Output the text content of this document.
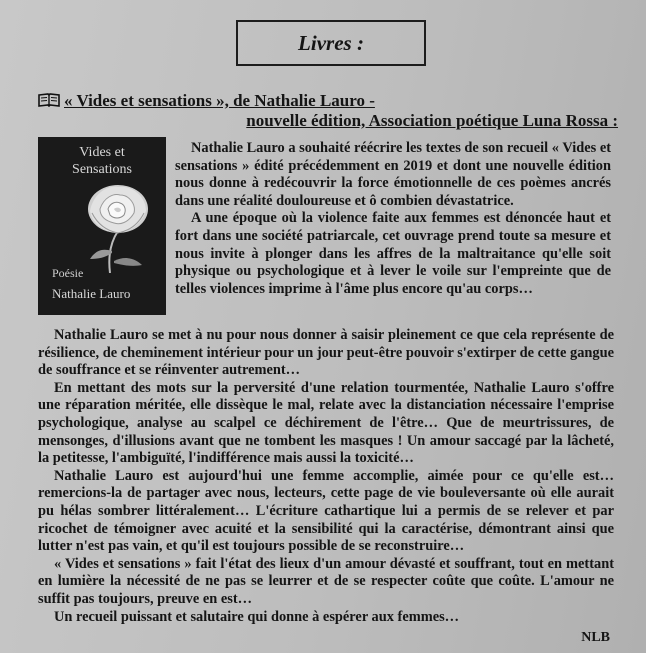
Livres :
« Vides et sensations », de Nathalie Lauro -
nouvelle édition, Association poétique Luna Rossa :
Vides et
Sensations
Poésie
Nathalie Lauro

Nathalie Lauro a souhaité réécrire les textes de son recueil « Vides et sensations » édité précédemment en 2019 et dont une nouvelle édition nous donne à redécouvrir la force émotionnelle de ces poèmes ancrés dans une réalité douloureuse et ô combien dévastatrice.

A une époque où la violence faite aux femmes est dénoncée haut et fort dans une société patriarcale, cet ouvrage prend toute sa mesure et nous invite à plonger dans les affres de la maltraitance qu'elle soit physique ou psychologique et à lever le voile sur l'empreinte que de telles violences imprime à l'âme plus encore qu'au corps…

Nathalie Lauro se met à nu pour nous donner à saisir pleinement ce que cela représente de résilience, de cheminement intérieur pour un jour peut-être pouvoir s'extirper de cette gangue de souffrance et se réinventer autrement…

En mettant des mots sur la perversité d'une relation tourmentée, Nathalie Lauro s'offre une réparation méritée, elle dissèque le mal, relate avec la distanciation nécessaire l'emprise psychologique, analyse au scalpel ce déchirement de l'être… Que de meurtrissures, de mensonges, d'illusions avant que ne tombent les masques ! Un amour saccagé par la lâcheté, la petitesse, l'ambiguïté, l'indifférence mais aussi la toxicité…

Nathalie Lauro est aujourd'hui une femme accomplie, aimée pour ce qu'elle est… remercions-la de partager avec nous, lecteurs, cette page de vie bouleversante où elle aurait pu hélas sombrer littéralement… L'écriture cathartique lui a permis de se relever et par ricochet de témoigner avec acuité et la sensibilité qui la caractérise, démontrant ainsi que lutter n'est pas vain, et qu'il est toujours possible de se reconstruire…

« Vides et sensations » fait l'état des lieux d'un amour dévasté et souffrant, tout en mettant en lumière la nécessité de ne pas se leurrer et de se respecter coûte que coûte. L'amour ne suffit pas toujours, preuve en est…

Un recueil puissant et salutaire qui donne à espérer aux femmes…

NLB
